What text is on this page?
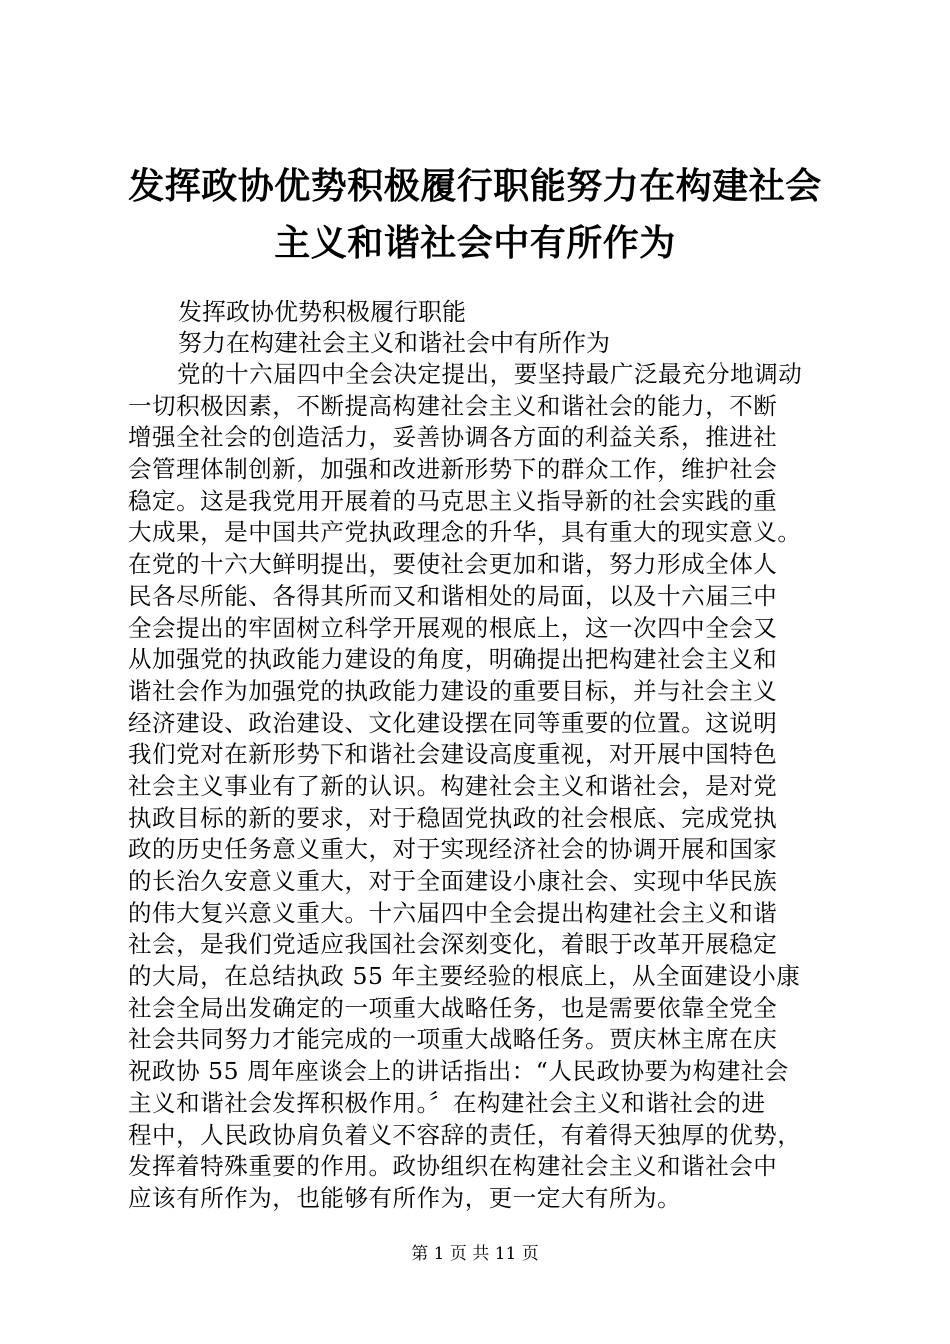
发挥政协优势积极履行职能努力在构建社会主义和谐社会中有所作为

发挥政协优势积极履行职能

努力在构建社会主义和谐社会中有所作为

党的十六届四中全会决定提出，要坚持最广泛最充分地调动
一切积极因素，不断提高构建社会主义和谐社会的能力，不断
增强全社会的创造活力，妥善协调各方面的利益关系，推进社
会管理体制创新，加强和改进新形势下的群众工作，维护社会
稳定。这是我党用开展着的马克思主义指导新的社会实践的重
大成果，是中国共产党执政理念的升华，具有重大的现实意义。
在党的十六大鲜明提出，要使社会更加和谐，努力形成全体人
民各尽所能、各得其所而又和谐相处的局面，以及十六届三中
全会提出的牢固树立科学开展观的根底上，这一次四中全会又
从加强党的执政能力建设的角度，明确提出把构建社会主义和
谐社会作为加强党的执政能力建设的重要目标，并与社会主义
经济建设、政治建设、文化建设摆在同等重要的位置。这说明
我们党对在新形势下和谐社会建设高度重视，对开展中国特色
社会主义事业有了新的认识。构建社会主义和谐社会，是对党
执政目标的新的要求，对于稳固党执政的社会根底、完成党执
政的历史任务意义重大，对于实现经济社会的协调开展和国家
的长治久安意义重大，对于全面建设小康社会、实现中华民族
的伟大复兴意义重大。十六届四中全会提出构建社会主义和谐
社会，是我们党适应我国社会深刻变化，着眼于改革开展稳定
的大局，在总结执政 55 年主要经验的根底上，从全面建设小康
社会全局出发确定的一项重大战略任务，也是需要依靠全党全
社会共同努力才能完成的一项重大战略任务。贾庆林主席在庆
祝政协 55 周年座谈会上的讲话指出：“人民政协要为构建社会
主义和谐社会发挥积极作用。〞在构建社会主义和谐社会的进
程中，人民政协肩负着义不容辞的责任，有着得天独厚的优势，
发挥着特殊重要的作用。政协组织在构建社会主义和谐社会中
应该有所作为，也能够有所作为，更一定大有所为。

第 1 页 共 11 页
